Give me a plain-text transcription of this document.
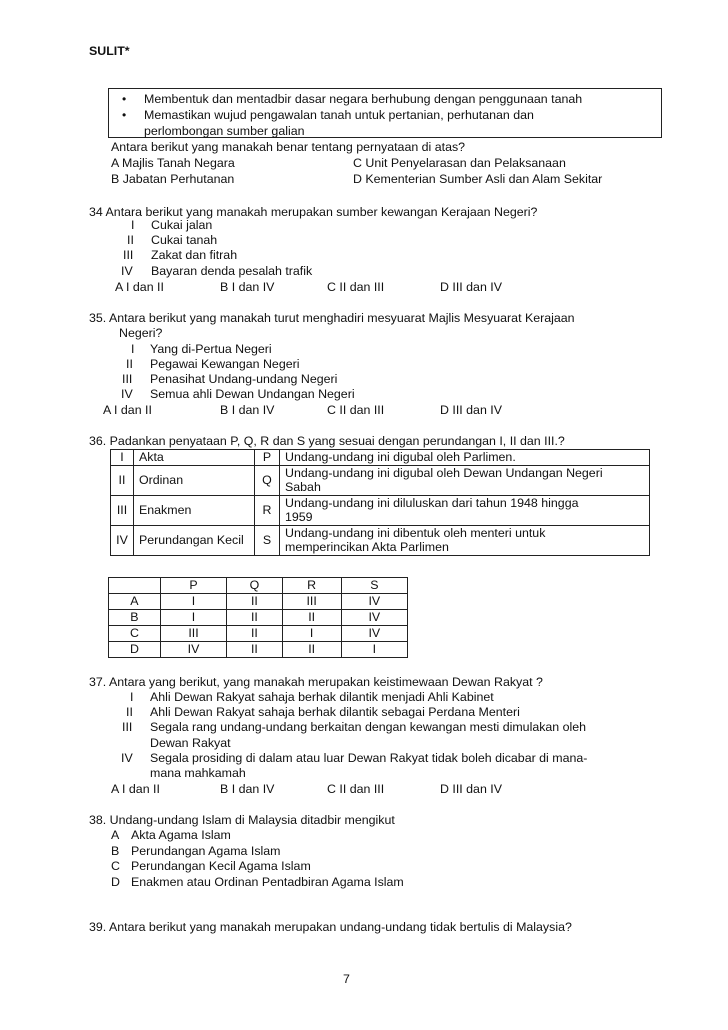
SULIT*
• Membentuk dan mentadbir dasar negara berhubung dengan penggunaan tanah
• Memastikan wujud pengawalan tanah untuk pertanian, perhutanan dan
perlombongan sumber galian
Antara berikut yang manakah benar tentang pernyataan di atas?
A Majlis Tanah Negara	C Unit Penyelarasan dan Pelaksanaan
B Jabatan Perhutanan	D Kementerian Sumber Asli dan Alam Sekitar
34 Antara berikut yang manakah merupakan sumber kewangan Kerajaan Negeri?
I Cukai jalan
II Cukai tanah
III Zakat dan fitrah
IV Bayaran denda pesalah trafik
A I dan II	B I dan IV	C II dan III	D III dan IV
35. Antara berikut yang manakah turut menghadiri mesyuarat Majlis Mesyuarat Kerajaan
Negeri?
I Yang di-Pertua Negeri
II Pegawai Kewangan Negeri
III Penasihat Undang-undang Negeri
IV Semua ahli Dewan Undangan Negeri
A I dan II	B I dan IV	C II dan III	D III dan IV
36. Padankan penyataan P, Q, R dan S yang sesuai dengan perundangan I, II dan III.?
I	Akta	P	Undang-undang ini digubal oleh Parlimen.

II	Ordinan	Q	Undang-undang ini digubal oleh Dewan Undangan Negeri
Sabah

III	Enakmen	R	Undang-undang ini diluluskan dari tahun 1948 hingga
1959

IV	Perundangan Kecil	S	Undang-undang ini dibentuk oleh menteri untuk
memperincikan Akta Parlimen
	P	Q	R	S
A	I	II	III	IV
B	I	II	II	IV
C	III	II	I	IV
D	IV	II	II	I
37. Antara yang berikut, yang manakah merupakan keistimewaan Dewan Rakyat ?
I Ahli Dewan Rakyat sahaja berhak dilantik menjadi Ahli Kabinet
II Ahli Dewan Rakyat sahaja berhak dilantik sebagai Perdana Menteri
III Segala rang undang-undang berkaitan dengan kewangan mesti dimulakan oleh
Dewan Rakyat
IV Segala prosiding di dalam atau luar Dewan Rakyat tidak boleh dicabar di mana-
mana mahkamah
A I dan II	B I dan IV	C II dan III	D III dan IV
38. Undang-undang Islam di Malaysia ditadbir mengikut
A Akta Agama Islam
B Perundangan Agama Islam
C Perundangan Kecil Agama Islam
D Enakmen atau Ordinan Pentadbiran Agama Islam
39. Antara berikut yang manakah merupakan undang-undang tidak bertulis di Malaysia?
7
